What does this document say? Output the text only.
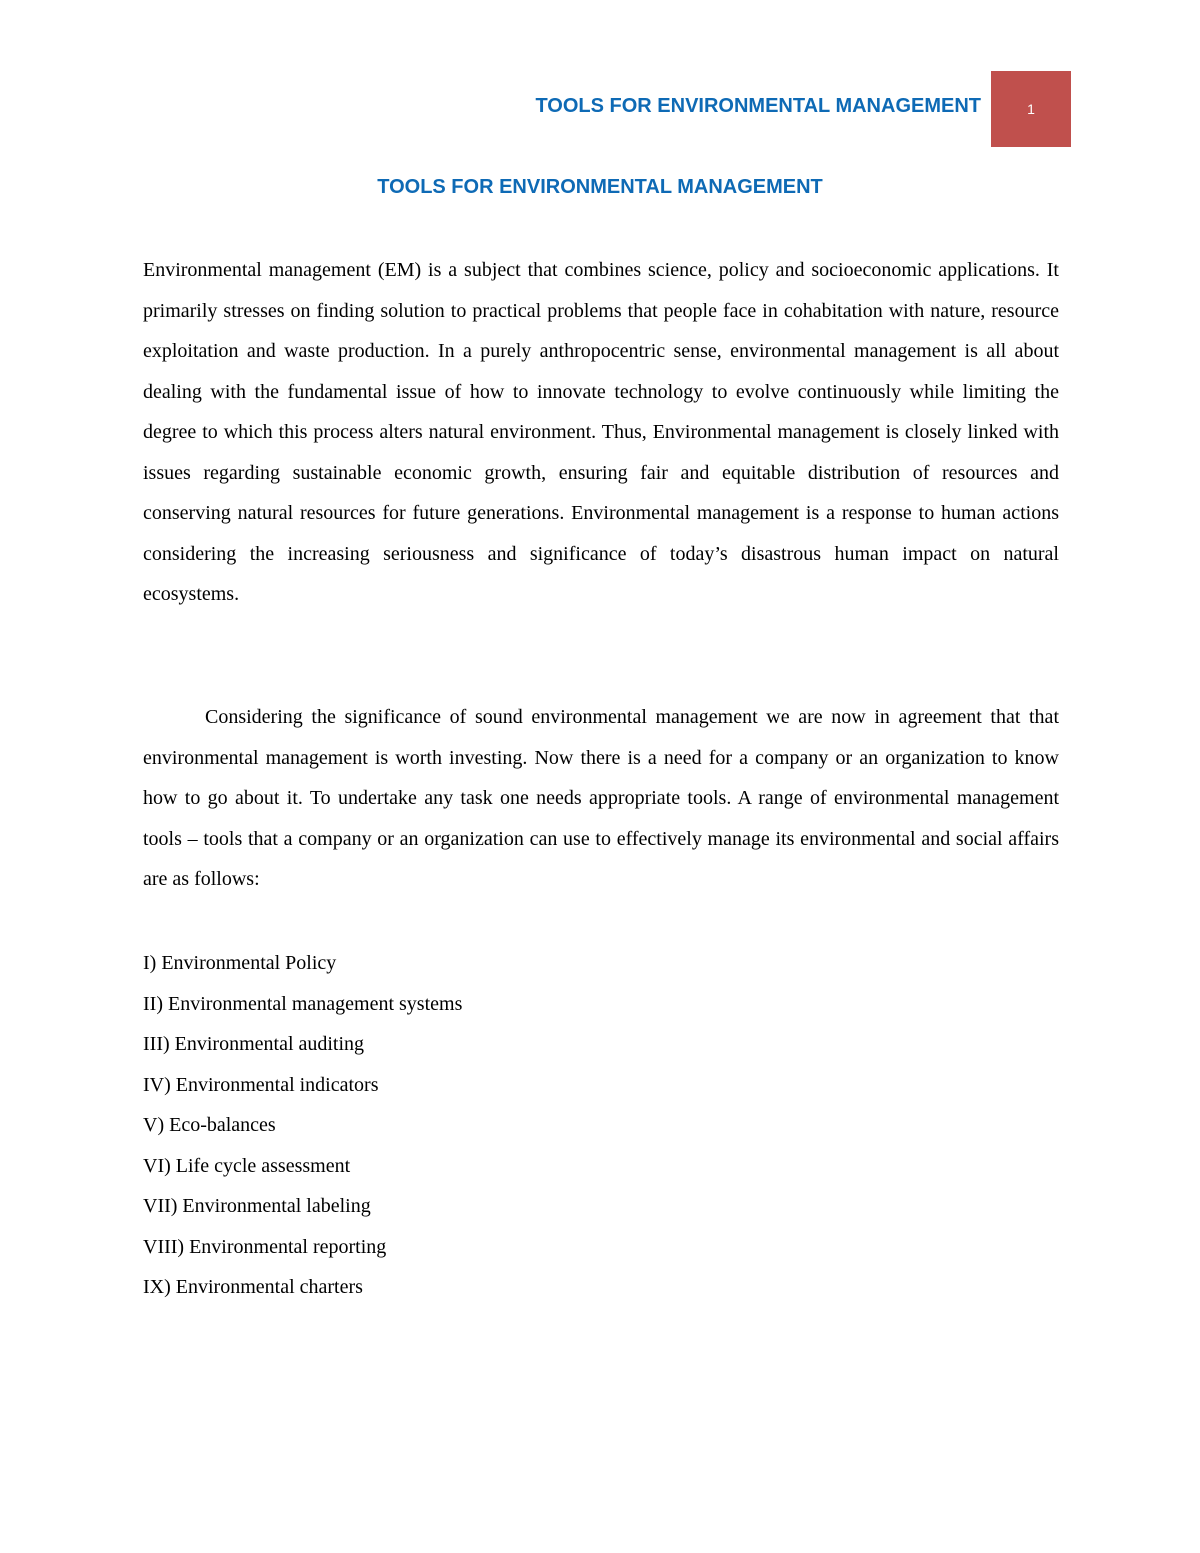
TOOLS FOR ENVIRONMENTAL MANAGEMENT	1
TOOLS FOR ENVIRONMENTAL MANAGEMENT

Environmental management (EM) is a subject that combines science, policy and socioeconomic applications. It primarily stresses on finding solution to practical problems that people face in cohabitation with nature, resource exploitation and waste production. In a purely anthropocentric sense, environmental management is all about dealing with the fundamental issue of how to innovate technology to evolve continuously while limiting the degree to which this process alters natural environment. Thus, Environmental management is closely linked with issues regarding sustainable economic growth, ensuring fair and equitable distribution of resources and conserving natural resources for future generations. Environmental management is a response to human actions considering the increasing seriousness and significance of today’s disastrous human impact on natural ecosystems.

Considering the significance of sound environmental management we are now in agreement that that environmental management is worth investing. Now there is a need for a company or an organization to know how to go about it. To undertake any task one needs appropriate tools. A range of environmental management tools – tools that a company or an organization can use to effectively manage its environmental and social affairs are as follows:

I) Environmental Policy
II) Environmental management systems
III) Environmental auditing
IV) Environmental indicators
V) Eco-balances
VI) Life cycle assessment
VII) Environmental labeling
VIII) Environmental reporting
IX) Environmental charters
